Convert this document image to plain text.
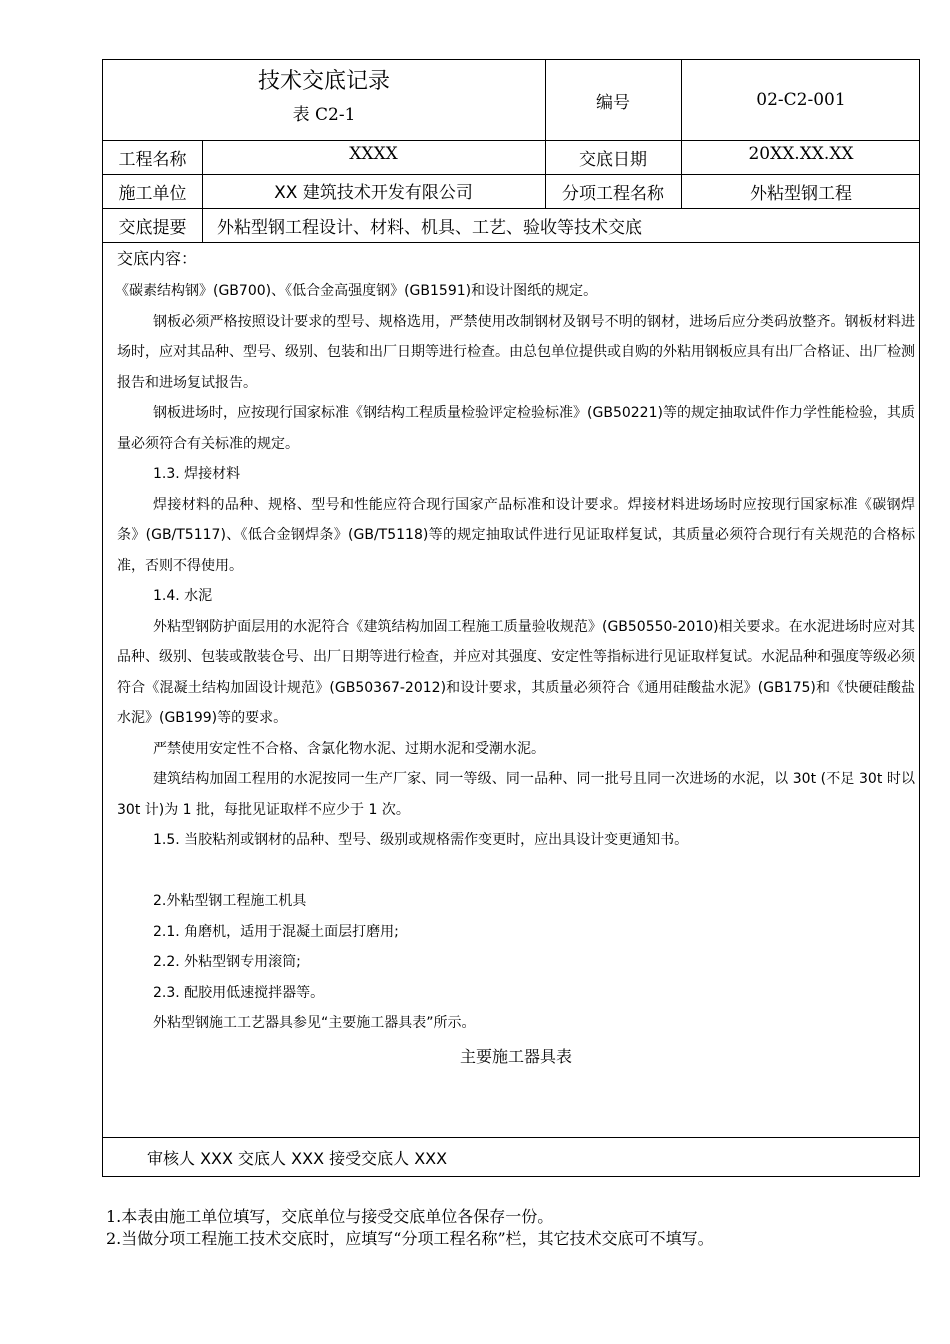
技术交底记录
表 C2-1
编号	02-C2-001
工程名称	XXXX	交底日期	20XX.XX.XX
施工单位	XX 建筑技术开发有限公司	分项工程名称	外粘型钢工程
交底提要	外粘型钢工程设计、材料、机具、工艺、验收等技术交底
交底内容：

《碳素结构钢》(GB700)、《低合金高强度钢》(GB1591)和设计图纸的规定。

钢板必须严格按照设计要求的型号、规格选用，严禁使用改制钢材及钢号不明的钢材，进场后应分类码放整齐。钢板材料进场时，应对其品种、型号、级别、包装和出厂日期等进行检查。由总包单位提供或自购的外粘用钢板应具有出厂合格证、出厂检测报告和进场复试报告。

钢板进场时，应按现行国家标准《钢结构工程质量检验评定检验标准》(GB50221)等的规定抽取试件作力学性能检验，其质量必须符合有关标准的规定。

1.3. 焊接材料

焊接材料的品种、规格、型号和性能应符合现行国家产品标准和设计要求。焊接材料进场场时应按现行国家标准《碳钢焊条》(GB/T5117)、《低合金钢焊条》(GB/T5118)等的规定抽取试件进行见证取样复试，其质量必须符合现行有关规范的合格标准，否则不得使用。

1.4. 水泥

外粘型钢防护面层用的水泥符合《建筑结构加固工程施工质量验收规范》(GB50550-2010)相关要求。在水泥进场时应对其品种、级别、包装或散装仓号、出厂日期等进行检查，并应对其强度、安定性等指标进行见证取样复试。水泥品种和强度等级必须符合《混凝土结构加固设计规范》(GB50367-2012)和设计要求，其质量必须符合《通用硅酸盐水泥》(GB175)和《快硬硅酸盐水泥》(GB199)等的要求。

严禁使用安定性不合格、含氯化物水泥、过期水泥和受潮水泥。

建筑结构加固工程用的水泥按同一生产厂家、同一等级、同一品种、同一批号且同一次进场的水泥，以 30t (不足 30t 时以 30t 计)为 1 批，每批见证取样不应少于 1 次。

1.5. 当胶粘剂或钢材的品种、型号、级别或规格需作变更时，应出具设计变更通知书。

2.外粘型钢工程施工机具

2.1. 角磨机，适用于混凝土面层打磨用;

2.2. 外粘型钢专用滚筒;

2.3. 配胶用低速搅拌器等。

外粘型钢施工工艺器具参见“主要施工器具表”所示。

主要施工器具表
审核人 XXX 交底人 XXX 接受交底人 XXX
1.本表由施工单位填写，交底单位与接受交底单位各保存一份。
2.当做分项工程施工技术交底时，应填写“分项工程名称”栏，其它技术交底可不填写。
